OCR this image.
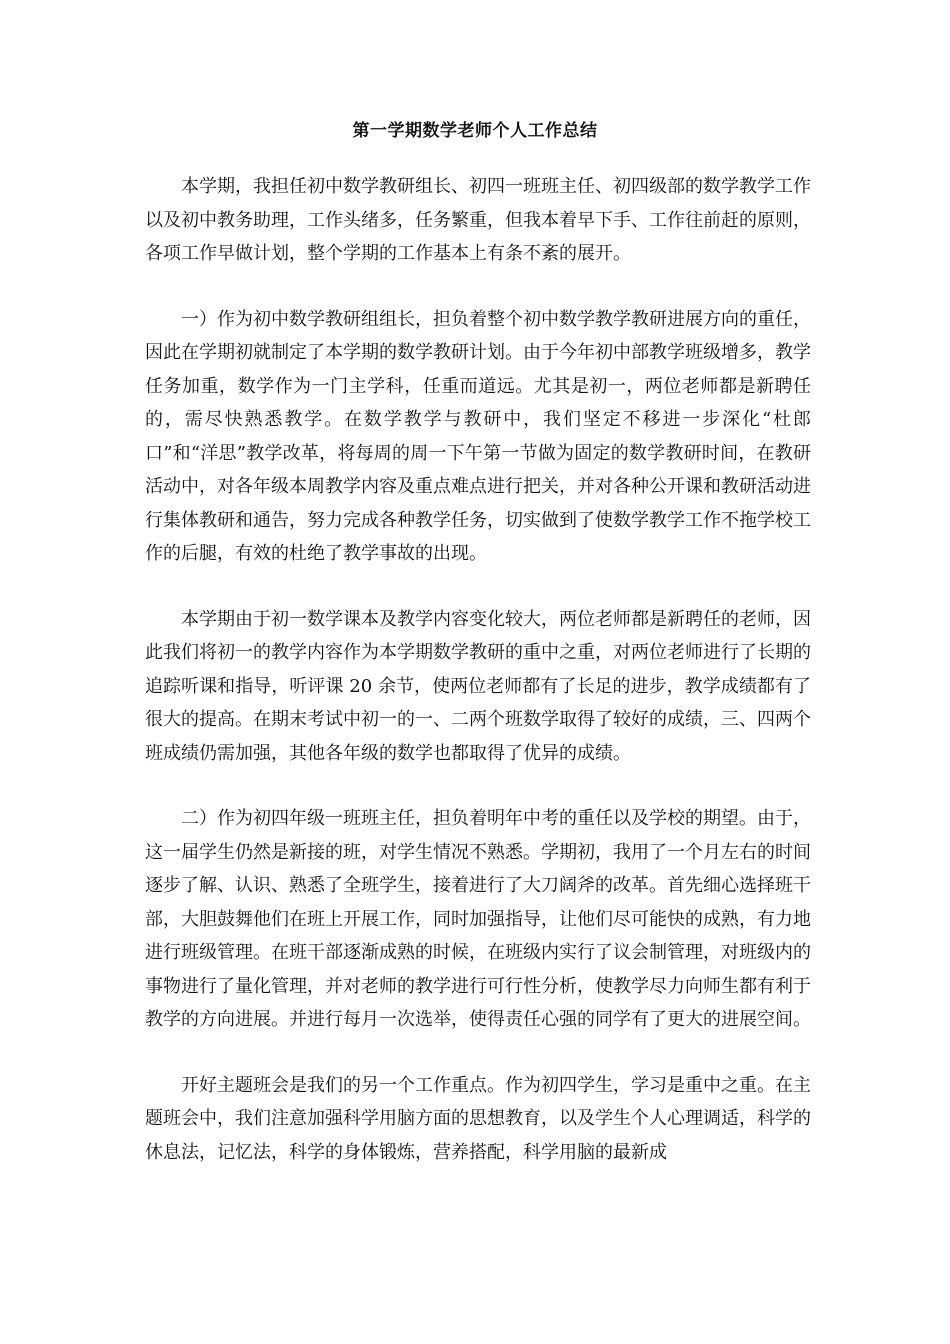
第一学期数学老师个人工作总结

本学期，我担任初中数学教研组长、初四一班班主任、初四级部的数学教学工作以及初中教务助理，工作头绪多，任务繁重，但我本着早下手、工作往前赶的原则，各项工作早做计划，整个学期的工作基本上有条不紊的展开。

一）作为初中数学教研组组长，担负着整个初中数学教学教研进展方向的重任，因此在学期初就制定了本学期的数学教研计划。由于今年初中部教学班级增多，教学任务加重，数学作为一门主学科，任重而道远。尤其是初一，两位老师都是新聘任的，需尽快熟悉教学。在数学教学与教研中，我们坚定不移进一步深化“杜郎口”和“洋思”教学改革，将每周的周一下午第一节做为固定的数学教研时间，在教研活动中，对各年级本周教学内容及重点难点进行把关，并对各种公开课和教研活动进行集体教研和通告，努力完成各种教学任务，切实做到了使数学教学工作不拖学校工作的后腿，有效的杜绝了教学事故的出现。

本学期由于初一数学课本及教学内容变化较大，两位老师都是新聘任的老师，因此我们将初一的教学内容作为本学期数学教研的重中之重，对两位老师进行了长期的追踪听课和指导，听评课 20 余节，使两位老师都有了长足的进步，教学成绩都有了很大的提高。在期末考试中初一的一、二两个班数学取得了较好的成绩，三、四两个班成绩仍需加强，其他各年级的数学也都取得了优异的成绩。

二）作为初四年级一班班主任，担负着明年中考的重任以及学校的期望。由于，这一届学生仍然是新接的班，对学生情况不熟悉。学期初，我用了一个月左右的时间逐步了解、认识、熟悉了全班学生，接着进行了大刀阔斧的改革。首先细心选择班干部，大胆鼓舞他们在班上开展工作，同时加强指导，让他们尽可能快的成熟，有力地进行班级管理。在班干部逐渐成熟的时候，在班级内实行了议会制管理，对班级内的事物进行了量化管理，并对老师的教学进行可行性分析，使教学尽力向师生都有利于教学的方向进展。并进行每月一次选举，使得责任心强的同学有了更大的进展空间。

开好主题班会是我们的另一个工作重点。作为初四学生，学习是重中之重。在主题班会中，我们注意加强科学用脑方面的思想教育，以及学生个人心理调适，科学的休息法，记忆法，科学的身体锻炼，营养搭配，科学用脑的最新成
